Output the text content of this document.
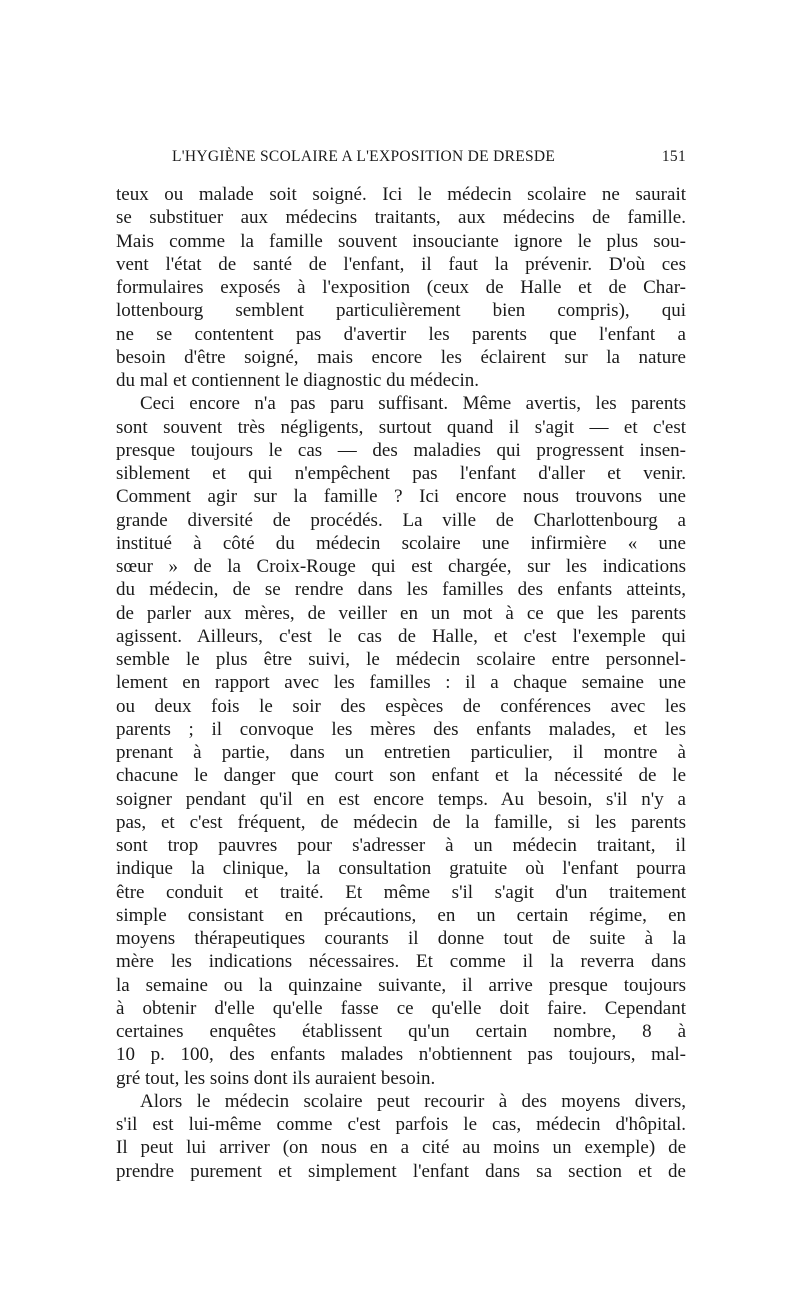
L'HYGIÈNE SCOLAIRE A L'EXPOSITION DE DRESDE	151
teux ou malade soit soigné. Ici le médecin scolaire ne saurait
se substituer aux médecins traitants, aux médecins de famille.
Mais comme la famille souvent insouciante ignore le plus sou-
vent l'état de santé de l'enfant, il faut la prévenir. D'où ces
formulaires exposés à l'exposition (ceux de Halle et de Char-
lottenbourg semblent particulièrement bien compris), qui
ne se contentent pas d'avertir les parents que l'enfant a
besoin d'être soigné, mais encore les éclairent sur la nature
du mal et contiennent le diagnostic du médecin.
Ceci encore n'a pas paru suffisant. Même avertis, les parents
sont souvent très négligents, surtout quand il s'agit — et c'est
presque toujours le cas — des maladies qui progressent insen-
siblement et qui n'empêchent pas l'enfant d'aller et venir.
Comment agir sur la famille ? Ici encore nous trouvons une
grande diversité de procédés. La ville de Charlottenbourg a
institué à côté du médecin scolaire une infirmière « une
sœur » de la Croix-Rouge qui est chargée, sur les indications
du médecin, de se rendre dans les familles des enfants atteints,
de parler aux mères, de veiller en un mot à ce que les parents
agissent. Ailleurs, c'est le cas de Halle, et c'est l'exemple qui
semble le plus être suivi, le médecin scolaire entre personnel-
lement en rapport avec les familles : il a chaque semaine une
ou deux fois le soir des espèces de conférences avec les
parents ; il convoque les mères des enfants malades, et les
prenant à partie, dans un entretien particulier, il montre à
chacune le danger que court son enfant et la nécessité de le
soigner pendant qu'il en est encore temps. Au besoin, s'il n'y a
pas, et c'est fréquent, de médecin de la famille, si les parents
sont trop pauvres pour s'adresser à un médecin traitant, il
indique la clinique, la consultation gratuite où l'enfant pourra
être conduit et traité. Et même s'il s'agit d'un traitement
simple consistant en précautions, en un certain régime, en
moyens thérapeutiques courants il donne tout de suite à la
mère les indications nécessaires. Et comme il la reverra dans
la semaine ou la quinzaine suivante, il arrive presque toujours
à obtenir d'elle qu'elle fasse ce qu'elle doit faire. Cependant
certaines enquêtes établissent qu'un certain nombre, 8 à
10 p. 100, des enfants malades n'obtiennent pas toujours, mal-
gré tout, les soins dont ils auraient besoin.
Alors le médecin scolaire peut recourir à des moyens divers,
s'il est lui-même comme c'est parfois le cas, médecin d'hôpital.
Il peut lui arriver (on nous en a cité au moins un exemple) de
prendre purement et simplement l'enfant dans sa section et de
